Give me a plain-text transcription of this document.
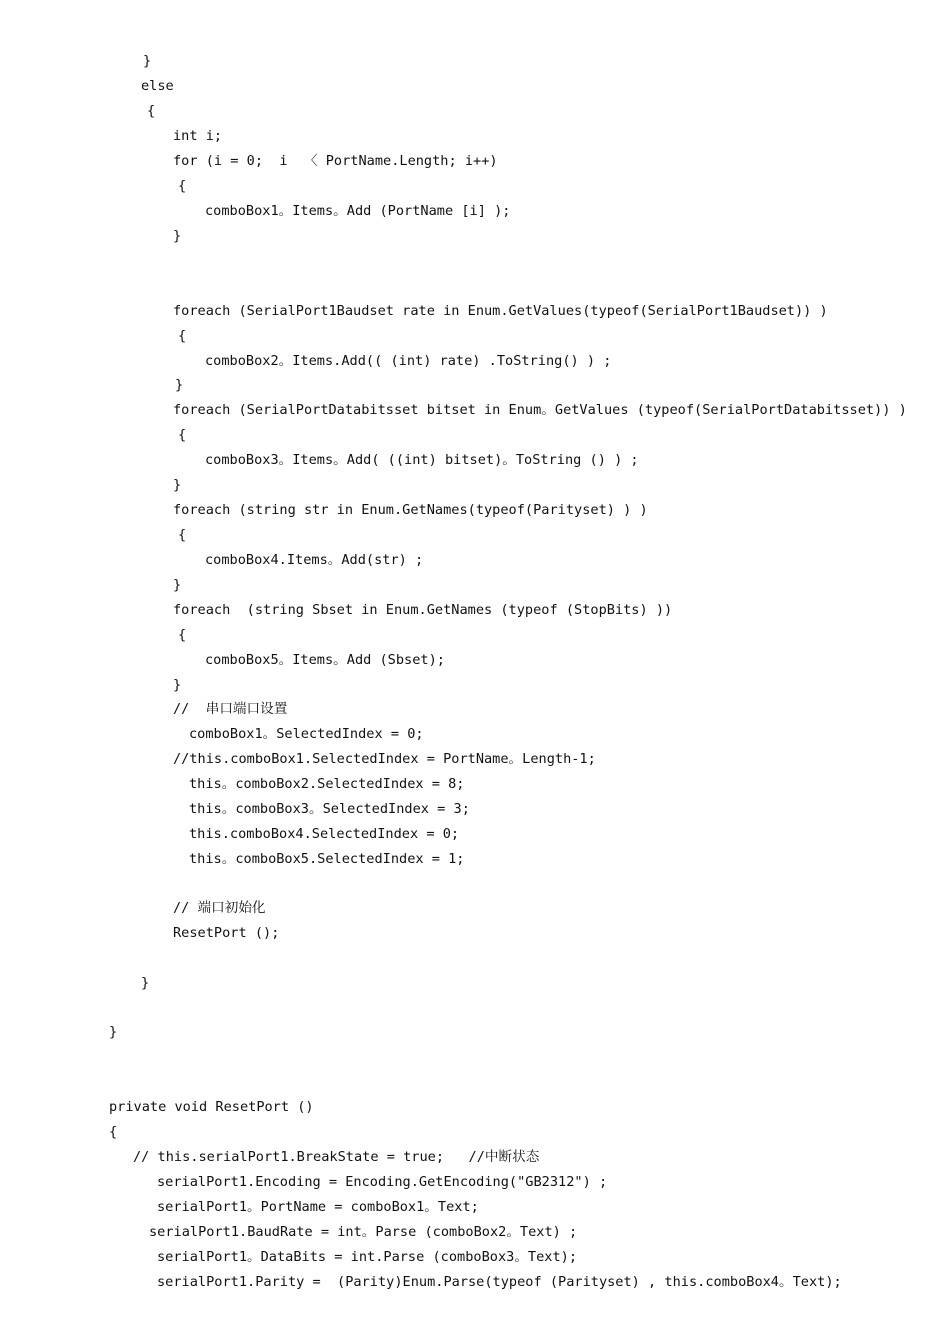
}
else
{
int i;
for (i = 0;  i  〈 PortName.Length; i++)
{
comboBox1。Items。Add (PortName [i] );
}
foreach (SerialPort1Baudset rate in Enum.GetValues(typeof(SerialPort1Baudset)) )
{
comboBox2。Items.Add(( (int) rate) .ToString() ) ;
}
foreach (SerialPortDatabitsset bitset in Enum。GetValues (typeof(SerialPortDatabitsset)) )
{
comboBox3。Items。Add( ((int) bitset)。ToString () ) ;
}
foreach (string str in Enum.GetNames(typeof(Parityset) ) )
{
comboBox4.Items。Add(str) ;
}
foreach  (string Sbset in Enum.GetNames (typeof (StopBits) ))
{
comboBox5。Items。Add (Sbset);
}
//  串口端口设置
comboBox1。SelectedIndex = 0;
//this.comboBox1.SelectedIndex = PortName。Length-1;
this。comboBox2.SelectedIndex = 8;
this。comboBox3。SelectedIndex = 3;
this.comboBox4.SelectedIndex = 0;
this。comboBox5.SelectedIndex = 1;
// 端口初始化
ResetPort ();
}
}
private void ResetPort ()
{
// this.serialPort1.BreakState = true;   //中断状态
serialPort1.Encoding = Encoding.GetEncoding("GB2312") ;
serialPort1。PortName = comboBox1。Text;
serialPort1.BaudRate = int。Parse (comboBox2。Text) ;
serialPort1。DataBits = int.Parse (comboBox3。Text);
serialPort1.Parity =  (Parity)Enum.Parse(typeof (Parityset) , this.comboBox4。Text);
